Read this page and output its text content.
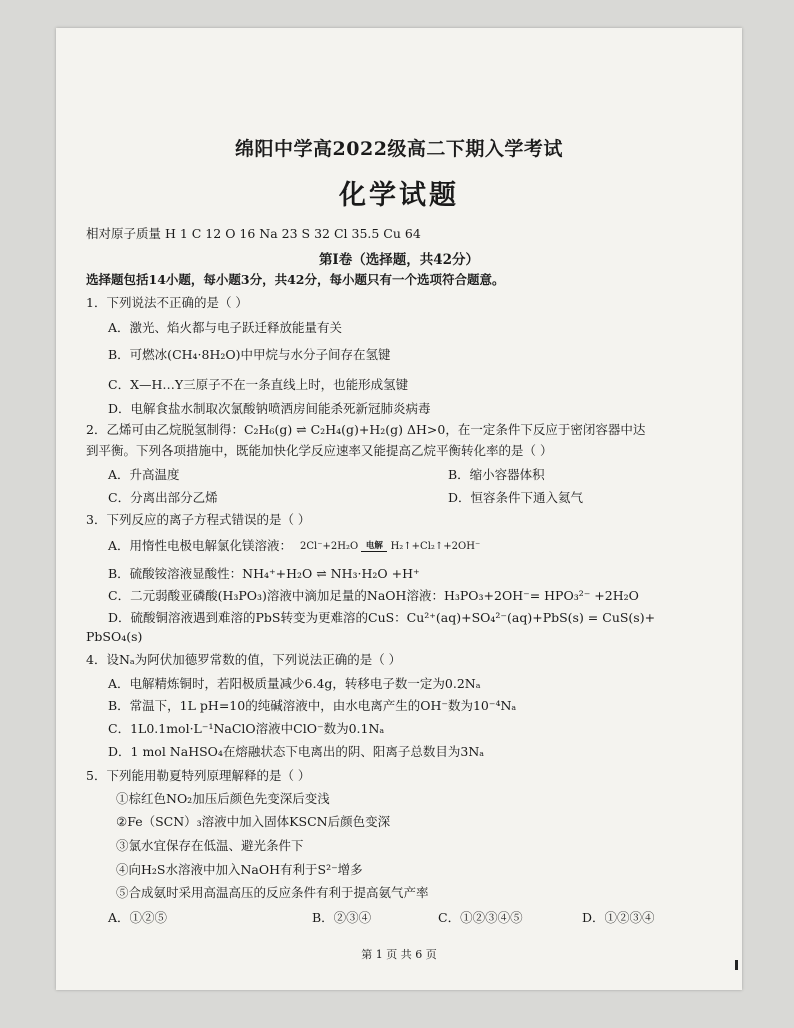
绵阳中学高2022级高二下期入学考试
化学试题
相对原子质量 H 1 C 12 O 16 Na 23 S 32 Cl 35.5 Cu 64
第Ⅰ卷（选择题，共42分）
选择题包括14小题，每小题3分，共42分，每小题只有一个选项符合题意。
1．下列说法不正确的是（ ）
A．激光、焰火都与电子跃迁释放能量有关
B．可燃冰(CH₄·8H₂O)中甲烷与水分子间存在氢键
C．X—H…Y三原子不在一条直线上时，也能形成氢键
D．电解食盐水制取次氯酸钠喷洒房间能杀死新冠肺炎病毒
2．乙烯可由乙烷脱氢制得：C₂H₆(g) ⇌ C₂H₄(g)+H₂(g) ΔH>0，在一定条件下反应于密闭容器中达
到平衡。下列各项措施中，既能加快化学反应速率又能提高乙烷平衡转化率的是（ ）
A．升高温度	B．缩小容器体积
C．分离出部分乙烯	D．恒容条件下通入氦气
3．下列反应的离子方程式错误的是（ ）
A．用惰性电极电解氯化镁溶液： 2Cl⁻+2H₂O 电解 H₂↑+Cl₂↑+2OH⁻
B．硫酸铵溶液显酸性：NH₄⁺+H₂O ⇌ NH₃·H₂O +H⁺
C．二元弱酸亚磷酸(H₃PO₃)溶液中滴加足量的NaOH溶液：H₃PO₃+2OH⁻= HPO₃²⁻ +2H₂O
D．硫酸铜溶液遇到难溶的PbS转变为更难溶的CuS：Cu²⁺(aq)+SO₄²⁻(aq)+PbS(s) = CuS(s)+
PbSO₄(s)
4．设Nₐ为阿伏加德罗常数的值，下列说法正确的是（ ）
A．电解精炼铜时，若阳极质量减少6.4g，转移电子数一定为0.2Nₐ
B．常温下，1L pH=10的纯碱溶液中，由水电离产生的OH⁻数为10⁻⁴Nₐ
C．1L0.1mol·L⁻¹NaClO溶液中ClO⁻数为0.1Nₐ
D．1 mol NaHSO₄在熔融状态下电离出的阴、阳离子总数目为3Nₐ
5．下列能用勒夏特列原理解释的是（ ）
①棕红色NO₂加压后颜色先变深后变浅
②Fe（SCN）₃溶液中加入固体KSCN后颜色变深
③氯水宜保存在低温、避光条件下
④向H₂S水溶液中加入NaOH有利于S²⁻增多
⑤合成氨时采用高温高压的反应条件有利于提高氨气产率
A．①②⑤	B．②③④	C．①②③④⑤	D．①②③④
第 1 页 共 6 页
